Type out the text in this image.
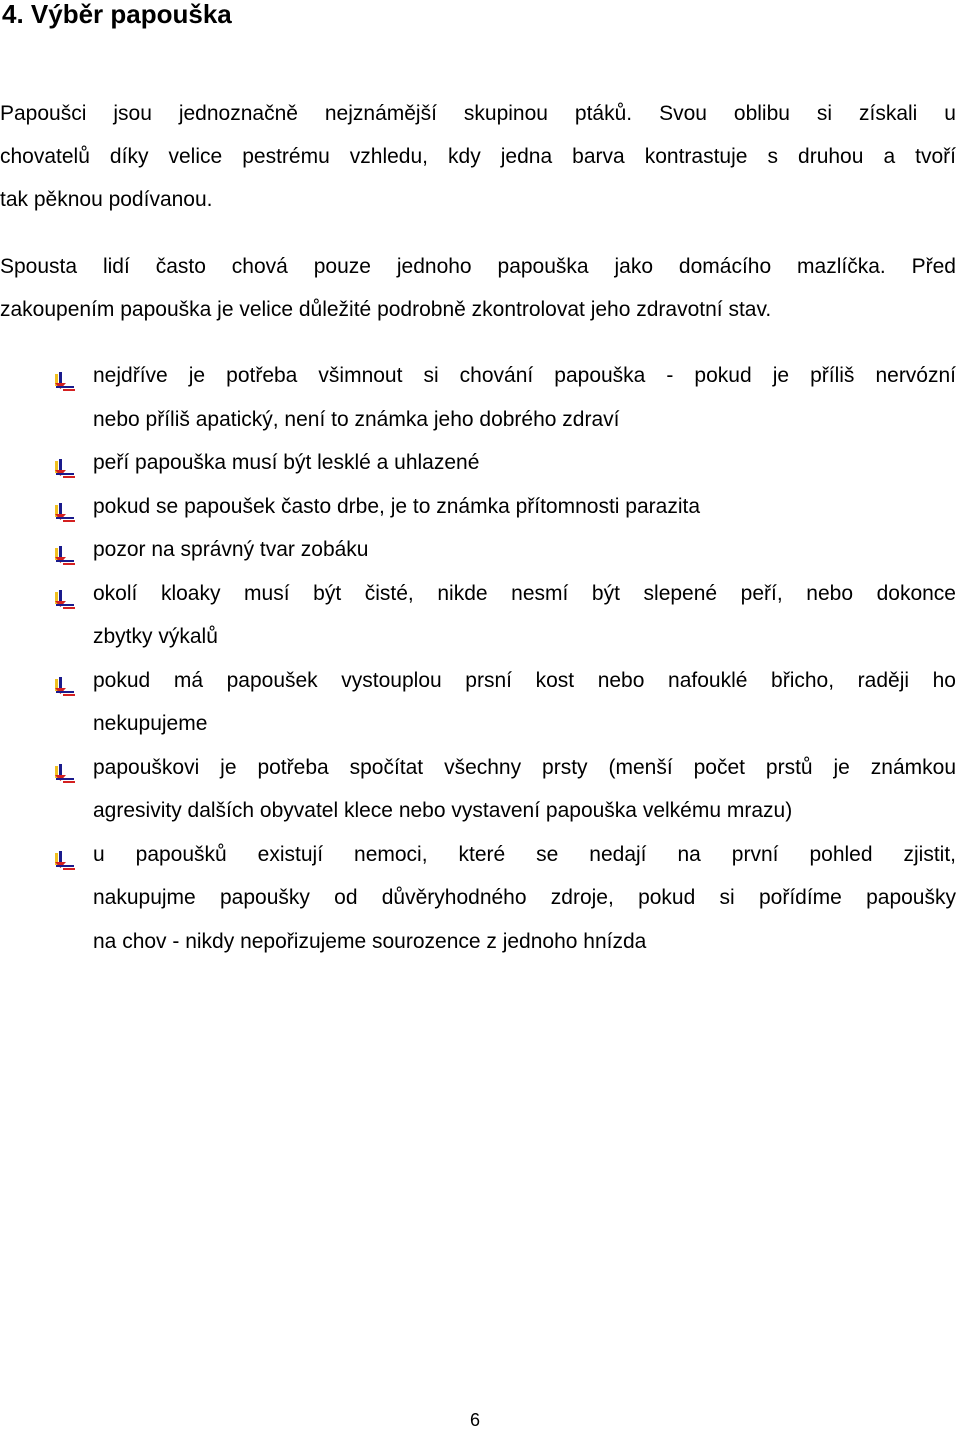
4. Výběr papouška

Papoušci jsou jednoznačně nejznámější skupinou ptáků. Svou oblibu si získali u
chovatelů díky velice pestrému vzhledu, kdy jedna barva kontrastuje s druhou a tvoří
tak pěknou podívanou.

Spousta lidí často chová pouze jednoho papouška jako domácího mazlíčka. Před
zakoupením papouška je velice důležité podrobně zkontrolovat jeho zdravotní stav.

nejdříve je potřeba všimnout si chování papouška - pokud je příliš nervózní
nebo příliš apatický, není to známka jeho dobrého zdraví
peří papouška musí být lesklé a uhlazené
pokud se papoušek často drbe, je to známka přítomnosti parazita
pozor na správný tvar zobáku
okolí kloaky musí být čisté, nikde nesmí být slepené peří, nebo dokonce
zbytky výkalů
pokud má papoušek vystouplou prsní kost nebo nafouklé břicho, raději ho
nekupujeme
papouškovi je potřeba spočítat všechny prsty (menší počet prstů je známkou
agresivity dalších obyvatel klece nebo vystavení papouška velkému mrazu)
u papoušků existují nemoci, které se nedají na první pohled zjistit,
nakupujme papoušky od důvěryhodného zdroje, pokud si pořídíme papoušky
na chov - nikdy nepořizujeme sourozence z jednoho hnízda
6
